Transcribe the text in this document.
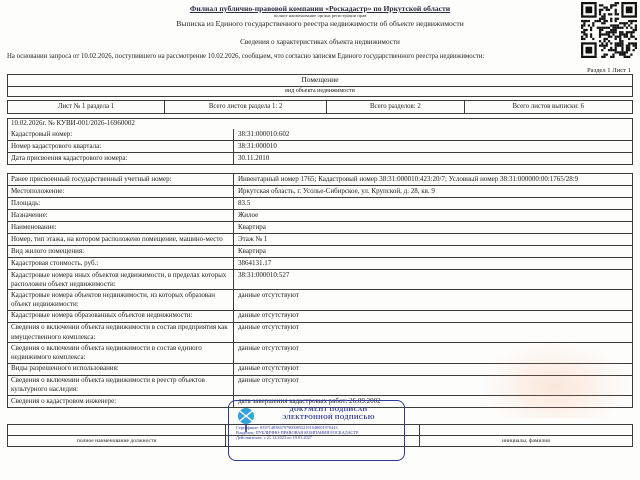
Филиал публично-правовой компании «Роскадастр» по Иркутской области
полное наименование органа регистрации прав
Выписка из Единого государственного реестра недвижимости об объекте недвижимости
Сведения о характеристиках объекта недвижимости
На основании запроса от 10.02.2026, поступившего на рассмотрение 10.02.2026, сообщаем, что согласно записям Единого государственного реестра недвижимости:
Раздел 1 Лист 1
Помещение
вид объекта недвижимости
Лист № 1 раздела 1	Всего листов раздела 1: 2	Всего разделов: 2	Всего листов выписки: 6
10.02.2026г. № КУВИ-001/2026-16960002
Кадастровый номер:	38:31:000010:602
Номер кадастрового квартала:	38:31:000010
Дата присвоения кадастрового номера:	30.11.2010
Ранее присвоенный государственный учетный номер:	Инвентарный номер 1765; Кадастровый номер 38:31:000010:423:20/7; Условный номер 38:31:000000:00:1765/28:9
Местоположение:	Иркутская область, г. Усолье-Сибирское, ул. Крупской, д. 28, кв. 9
Площадь:	83.5
Назначение:	Жилое
Наименование:	Квартира
Номер, тип этажа, на котором расположено помещение, машино-место	Этаж № 1
Вид жилого помещения:	Квартира
Кадастровая стоимость, руб.:	3864131.17
Кадастровые номера иных объектов недвижимости, в пределах которых расположен объект недвижимости:
38:31:000010:527
Кадастровые номера объектов недвижимости, из которых образован объект недвижимости:
данные отсутствуют
Кадастровые номера образованных объектов недвижимости:	данные отсутствуют
Сведения о включении объекта недвижимости в состав предприятия как имущественного комплекса:
данные отсутствуют
Сведения о включении объекта недвижимости в состав единого недвижимого комплекса:
данные отсутствуют
Виды разрешенного использования:	данные отсутствуют
Сведения о включении объекта недвижимости в реестр объектов культурного наследия:
данные отсутствуют
Сведения о кадастровом инженере:	дата завершения кадастровых работ: 26.09.2002
полное наименование должности	инициалы, фамилия
ДОКУМЕНТ ПОДПИСАН
ЭЛЕКТРОННОЙ ПОДПИСЬЮ
Сертификат: 839714838479790008552191048001970443
Владелец: ПУБЛИЧНО-ПРАВОВАЯ КОМПАНИЯ РОСКАДАСТР
Действителен: с 21.12.2023 по 19.03.2027
